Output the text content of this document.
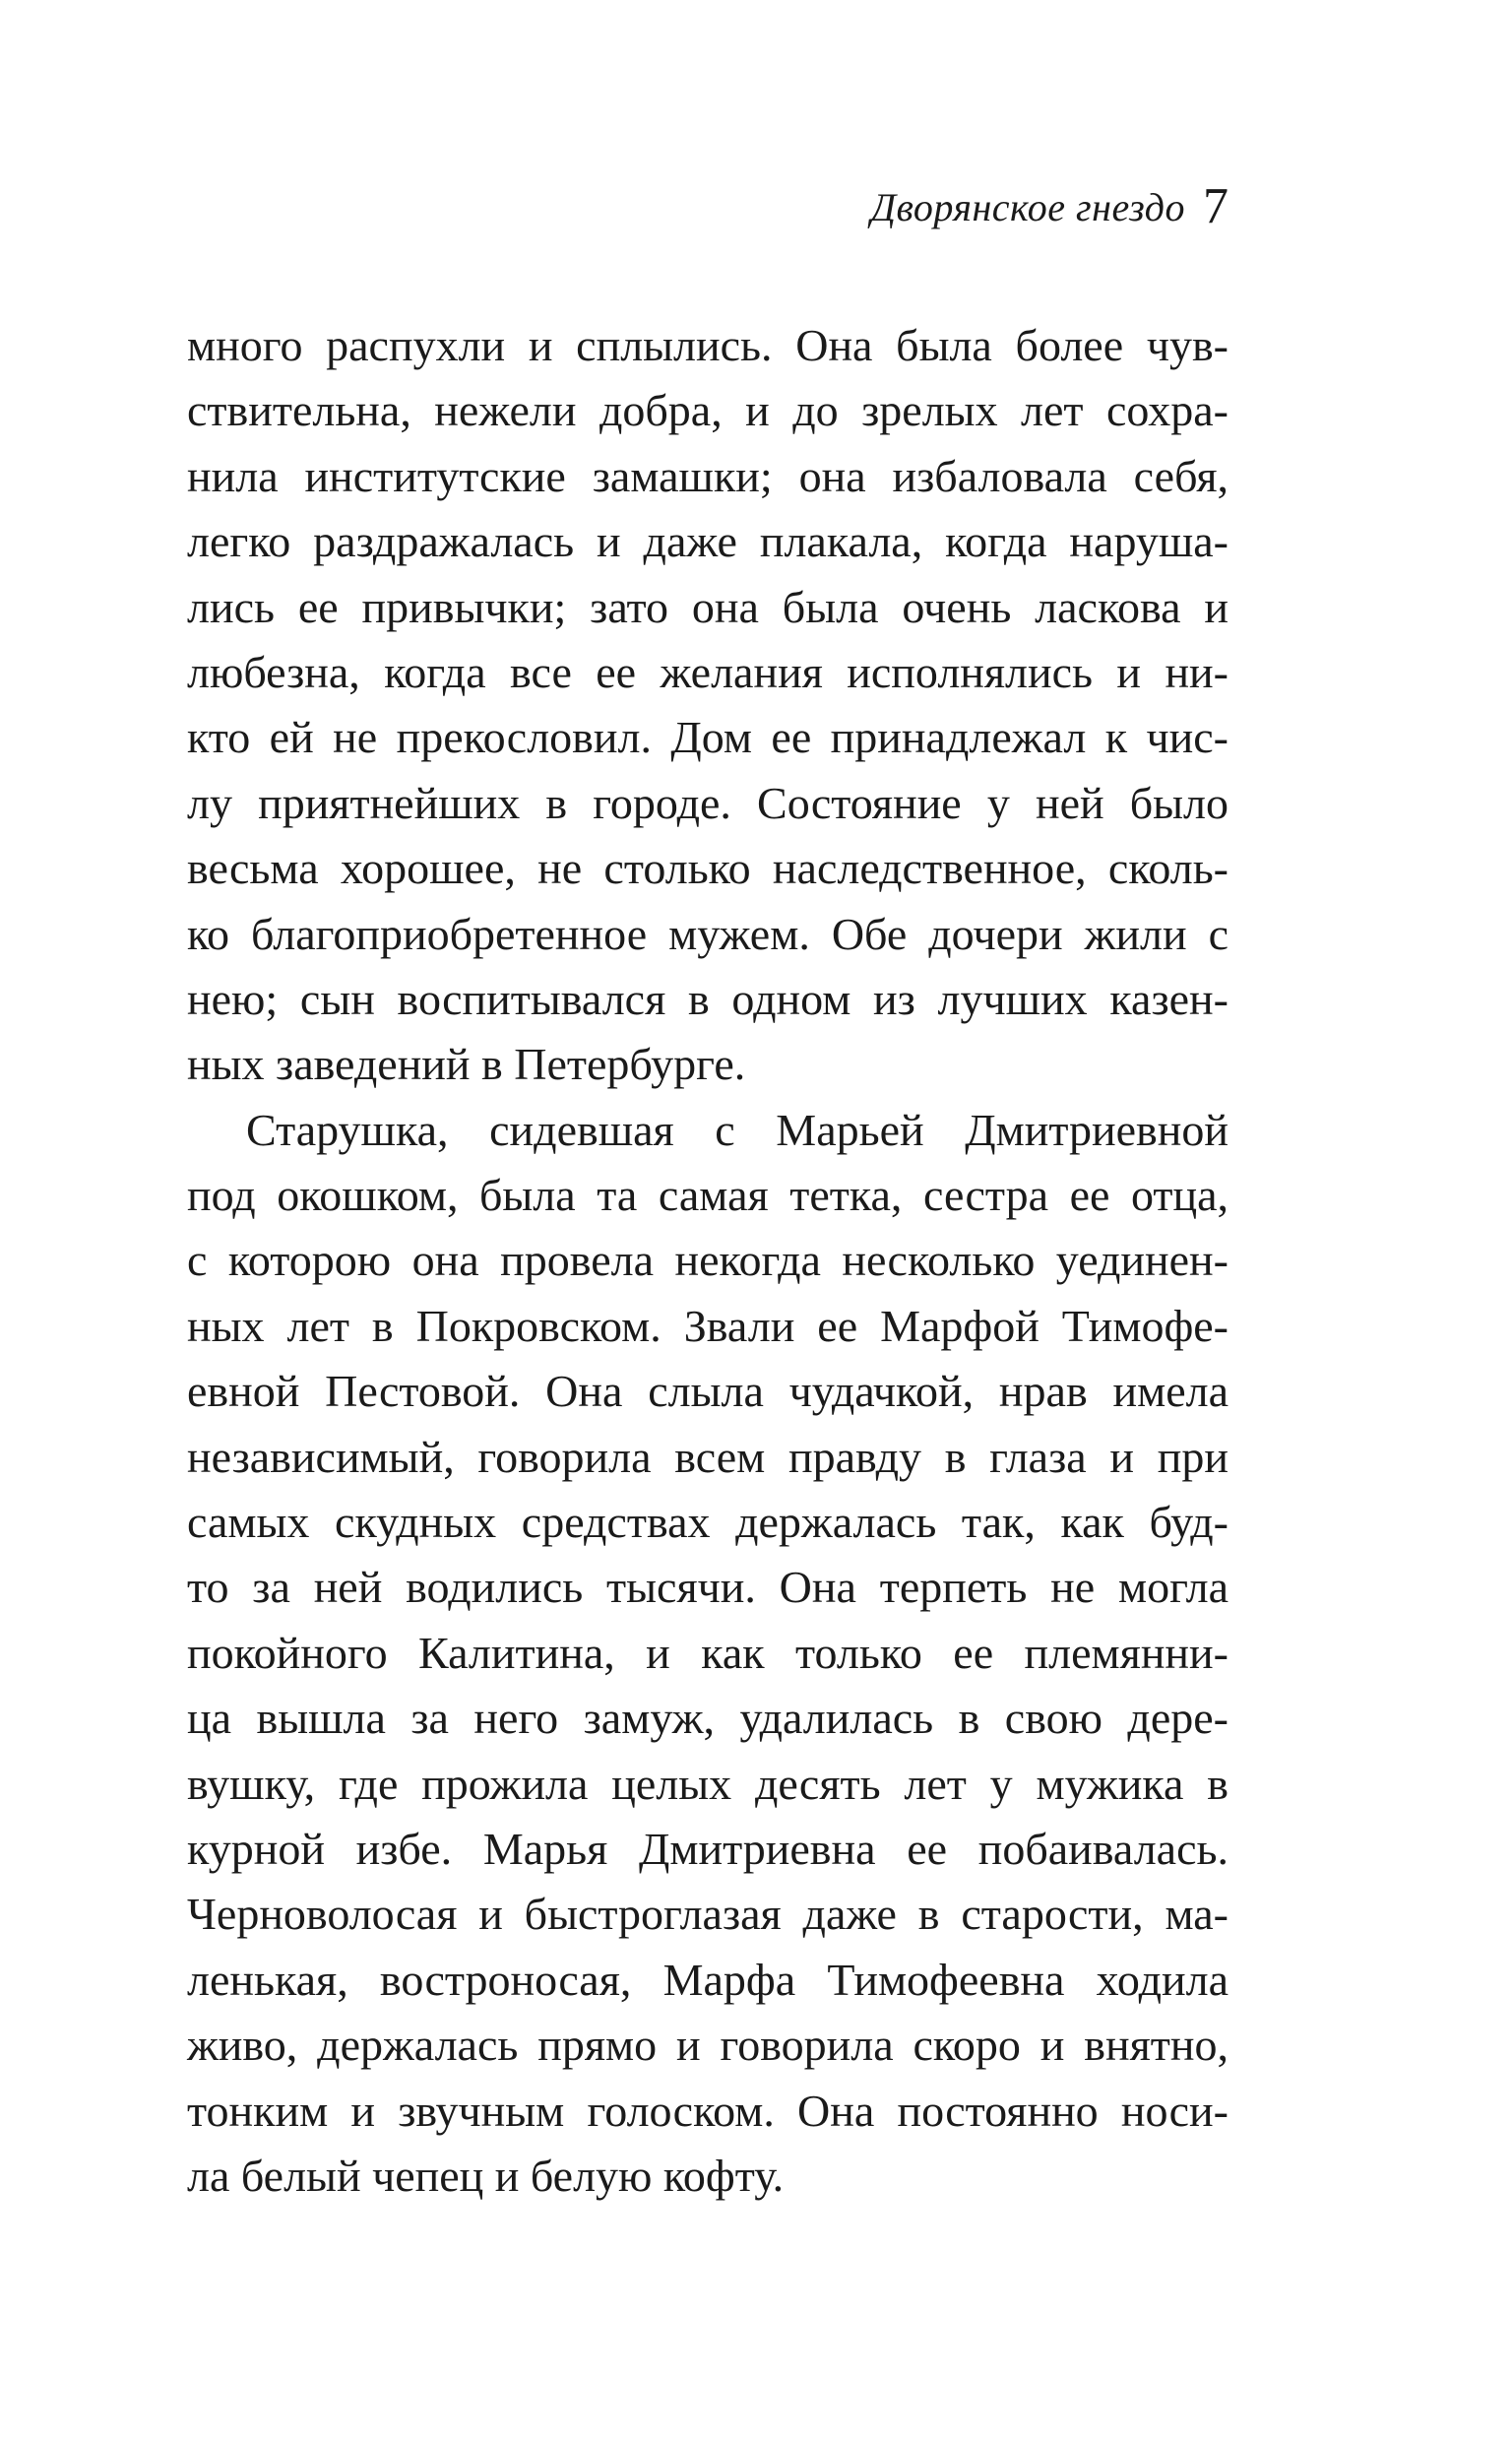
Дворянское гнездо 7
много распухли и сплылись. Она была более чув-
ствительна, нежели добра, и до зрелых лет сохра-
нила институтские замашки; она избаловала себя,
легко раздражалась и даже плакала, когда наруша-
лись ее привычки; зато она была очень ласкова и
любезна, когда все ее желания исполнялись и ни-
кто ей не прекословил. Дом ее принадлежал к чис-
лу приятнейших в городе. Состояние у ней было
весьма хорошее, не столько наследственное, сколь-
ко благоприобретенное мужем. Обе дочери жили с
нею; сын воспитывался в одном из лучших казен-
ных заведений в Петербурге.
Старушка, сидевшая с Марьей Дмитриевной
под окошком, была та самая тетка, сестра ее отца,
с которою она провела некогда несколько уединен-
ных лет в Покровском. Звали ее Марфой Тимофе-
евной Пестовой. Она слыла чудачкой, нрав имела
независимый, говорила всем правду в глаза и при
самых скудных средствах держалась так, как буд-
то за ней водились тысячи. Она терпеть не могла
покойного Калитина, и как только ее племянни-
ца вышла за него замуж, удалилась в свою дере-
вушку, где прожила целых десять лет у мужика в
курной избе. Марья Дмитриевна ее побаивалась.
Черноволосая и быстроглазая даже в старости, ма-
ленькая, востроносая, Марфа Тимофеевна ходила
живо, держалась прямо и говорила скоро и внятно,
тонким и звучным голоском. Она постоянно носи-
ла белый чепец и белую кофту.
